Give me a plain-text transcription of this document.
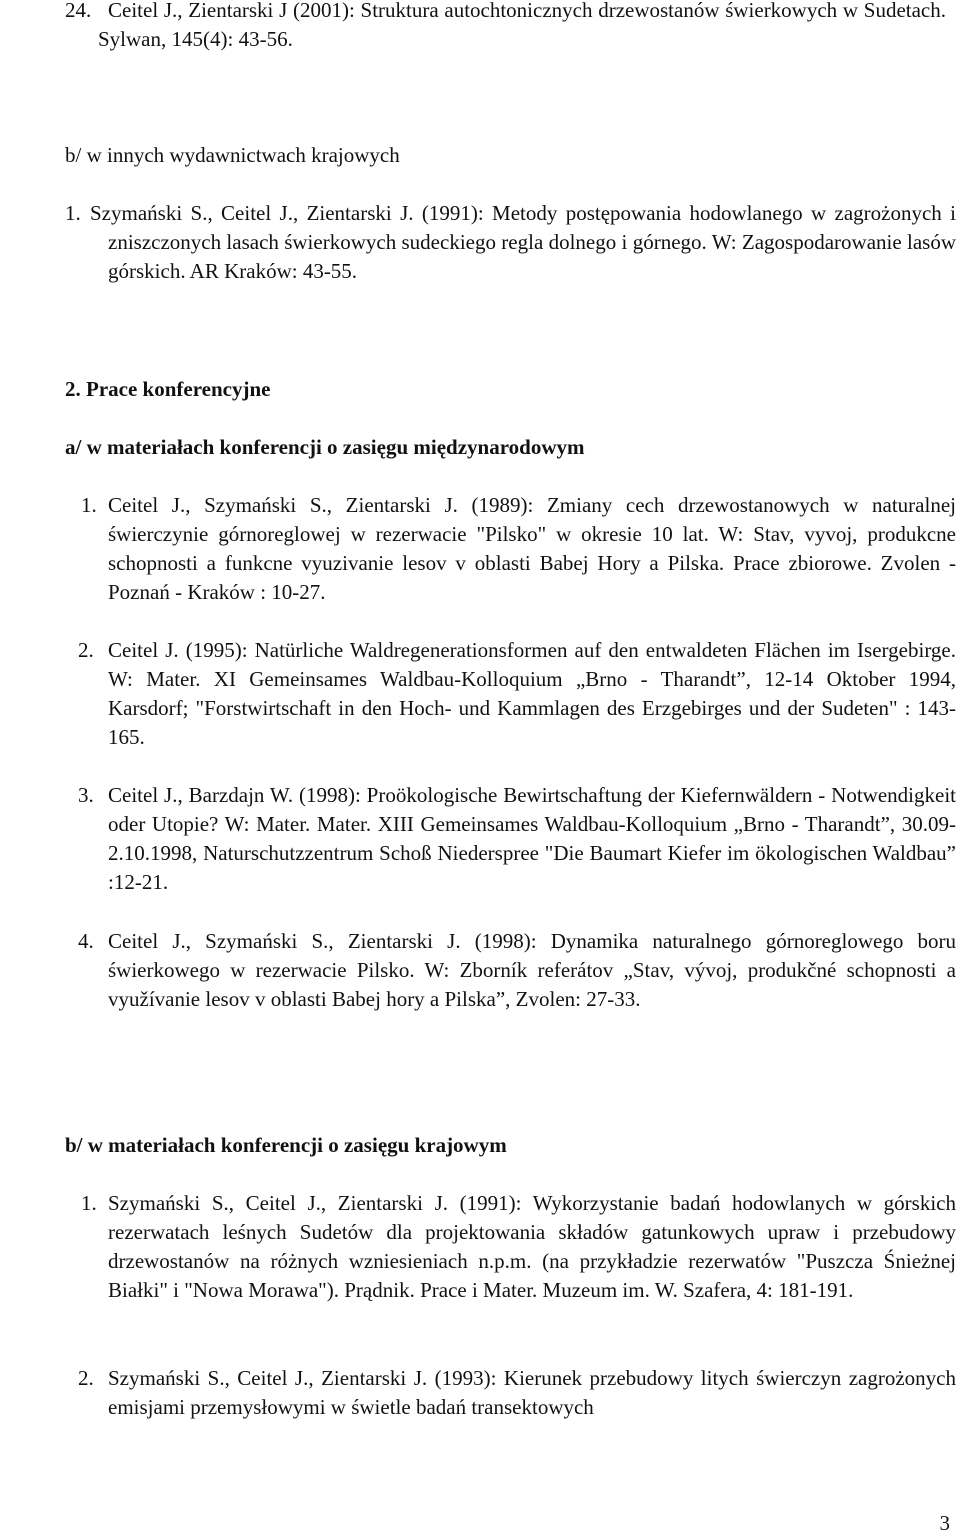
24. Ceitel J., Zientarski J (2001): Struktura autochtonicznych drzewostanów świerkowych w Sudetach. Sylwan, 145(4): 43-56.
b/ w innych wydawnictwach krajowych
1. Szymański S., Ceitel J., Zientarski J. (1991): Metody postępowania hodowlanego w zagrożonych i zniszczonych lasach świerkowych sudeckiego regla dolnego i górnego. W: Zagospodarowanie lasów górskich. AR Kraków: 43-55.
2. Prace konferencyjne
a/ w materiałach konferencji o zasięgu międzynarodowym
1. Ceitel J., Szymański S., Zientarski J. (1989): Zmiany cech drzewostanowych w naturalnej świerczynie górnoreglowej w rezerwacie "Pilsko" w okresie 10 lat. W: Stav, vyvoj, produkcne schopnosti a funkcne vyuzivanie lesov v oblasti Babej Hory a Pilska. Prace zbiorowe. Zvolen - Poznań - Kraków : 10-27.
2. Ceitel J. (1995): Natürliche Waldregenerationsformen auf den entwaldeten Flächen im Isergebirge. W: Mater. XI Gemeinsames Waldbau-Kolloquium „Brno - Tharandt”, 12-14 Oktober 1994, Karsdorf; "Forstwirtschaft in den Hoch- und Kammlagen des Erzgebirges und der Sudeten" : 143-165.
3. Ceitel J., Barzdajn W. (1998): Proökologische Bewirtschaftung der Kiefernwäldern - Notwendigkeit oder Utopie? W: Mater. Mater. XIII Gemeinsames Waldbau-Kolloquium „Brno - Tharandt”, 30.09-2.10.1998, Naturschutzzentrum Schoß Niederspree "Die Baumart Kiefer im ökologischen Waldbau” :12-21.
4. Ceitel J., Szymański S., Zientarski J. (1998): Dynamika naturalnego górnoreglowego boru świerkowego w rezerwacie Pilsko. W: Zborník referátov „Stav, vývoj, produkčné schopnosti a využívanie lesov v oblasti Babej hory a Pilska”, Zvolen: 27-33.
b/ w materiałach konferencji o zasięgu krajowym
1. Szymański S., Ceitel J., Zientarski J. (1991): Wykorzystanie badań hodowlanych w górskich rezerwatach leśnych Sudetów dla projektowania składów gatunkowych upraw i przebudowy drzewostanów na różnych wzniesieniach n.p.m. (na przykładzie rezerwatów "Puszcza Śnieżnej Białki" i "Nowa Morawa"). Prądnik. Prace i Mater. Muzeum im. W. Szafera, 4: 181-191.
2. Szymański S., Ceitel J., Zientarski J. (1993): Kierunek przebudowy litych świerczyn zagrożonych emisjami przemysłowymi w świetle badań transektowych
3
